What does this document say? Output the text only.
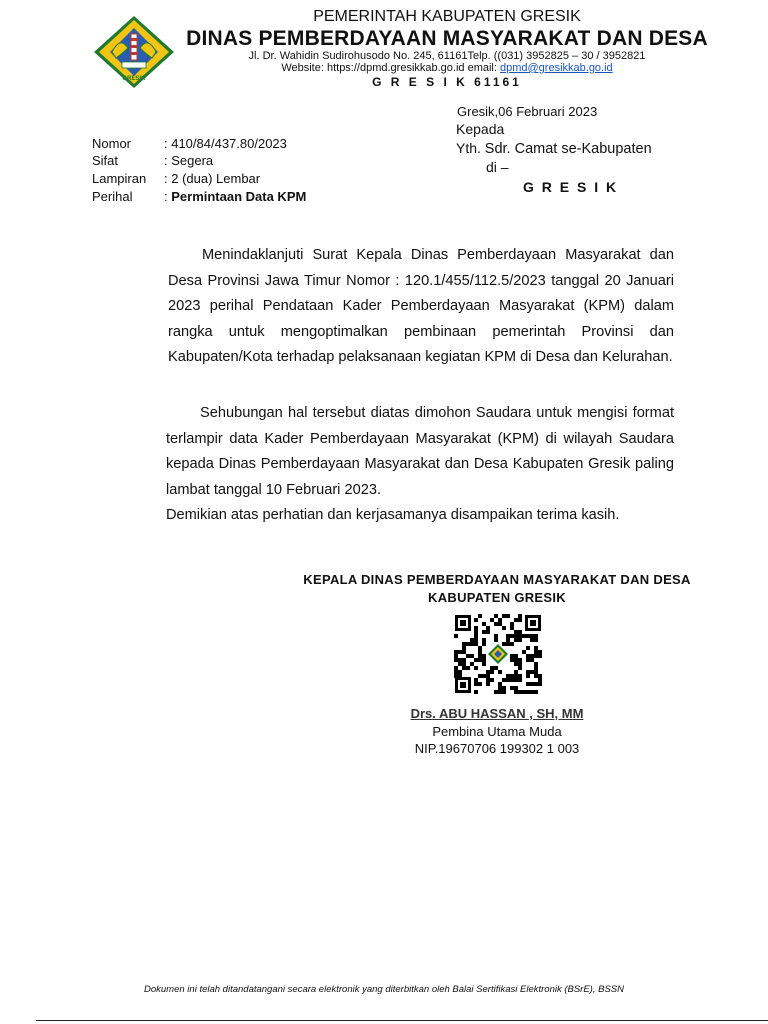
GRESIK
PEMERINTAH KABUPATEN GRESIK
DINAS PEMBERDAYAAN MASYARAKAT DAN DESA
Jl. Dr. Wahidin Sudirohusodo No. 245, 61161Telp. ((031) 3952825 – 30 / 3952821
Website: https://dpmd.gresikkab.go.id email: dpmd@gresikkab.go.id
G R E S I K 61161
Nomor	: 410/84/437.80/2023
Sifat	: Segera
Lampiran : 2 (dua) Lembar
Perihal : Permintaan Data KPM
Gresik,06 Februari 2023
Kepada
Yth. Sdr. Camat se-Kabupaten
di –
G R E S I K
Menindaklanjuti Surat Kepala Dinas Pemberdayaan Masyarakat dan Desa Provinsi Jawa Timur Nomor : 120.1/455/112.5/2023 tanggal 20 Januari 2023 perihal Pendataan Kader Pemberdayaan Masyarakat (KPM) dalam rangka untuk mengoptimalkan pembinaan pemerintah Provinsi dan Kabupaten/Kota terhadap pelaksanaan kegiatan KPM di Desa dan Kelurahan.
Sehubungan hal tersebut diatas dimohon Saudara untuk mengisi format terlampir data Kader Pemberdayaan Masyarakat (KPM) di wilayah Saudara kepada Dinas Pemberdayaan Masyarakat dan Desa Kabupaten Gresik paling lambat tanggal 10 Februari 2023.
Demikian atas perhatian dan kerjasamanya disampaikan terima kasih.
KEPALA DINAS PEMBERDAYAAN MASYARAKAT DAN DESA
KABUPATEN GRESIK
Drs. ABU HASSAN , SH, MM
Pembina Utama Muda
NIP.19670706 199302 1 003
Dokumen ini telah ditandatangani secara elektronik yang diterbitkan oleh Balai Sertifikasi Elektronik (BSrE), BSSN
